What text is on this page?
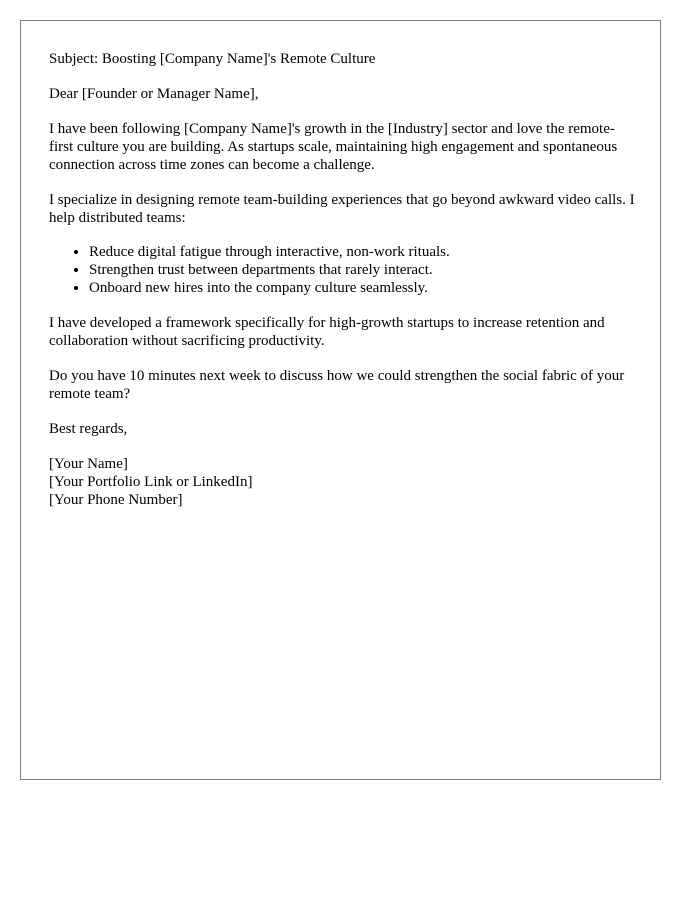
Subject: Boosting [Company Name]'s Remote Culture

Dear [Founder or Manager Name],

I have been following [Company Name]'s growth in the [Industry] sector and love the remote-first culture you are building. As startups scale, maintaining high engagement and spontaneous connection across time zones can become a challenge.

I specialize in designing remote team-building experiences that go beyond awkward video calls. I help distributed teams:

• Reduce digital fatigue through interactive, non-work rituals.
• Strengthen trust between departments that rarely interact.
• Onboard new hires into the company culture seamlessly.

I have developed a framework specifically for high-growth startups to increase retention and collaboration without sacrificing productivity.

Do you have 10 minutes next week to discuss how we could strengthen the social fabric of your remote team?

Best regards,

[Your Name]
[Your Portfolio Link or LinkedIn]
[Your Phone Number]
